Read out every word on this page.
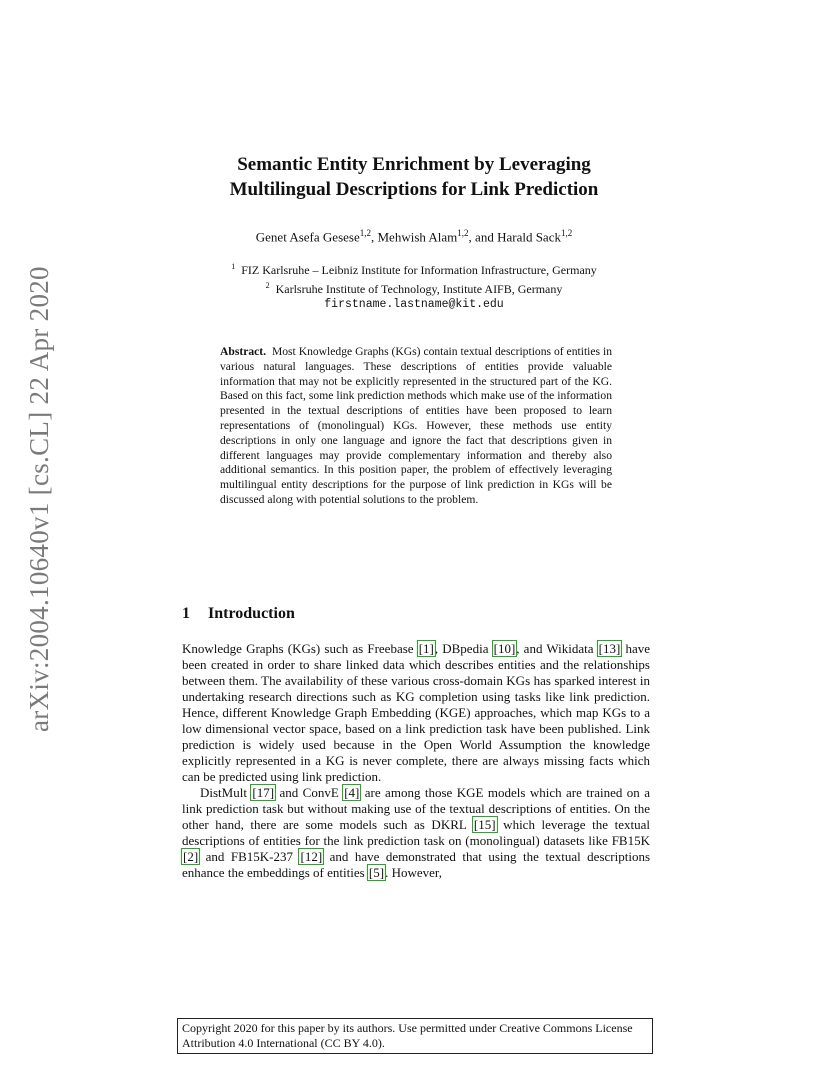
arXiv:2004.10640v1 [cs.CL] 22 Apr 2020
Semantic Entity Enrichment by Leveraging
Multilingual Descriptions for Link Prediction
Genet Asefa Gesese$^{1,2}$, Mehwish Alam$^{1,2}$, and Harald Sack$^{1,2}$
$^1$ FIZ Karlsruhe – Leibniz Institute for Information Infrastructure, Germany
$^2$ Karlsruhe Institute of Technology, Institute AIFB, Germany
firstname.lastname@kit.edu
Abstract. Most Knowledge Graphs (KGs) contain textual descriptions of entities in various natural languages. These descriptions of entities provide valuable information that may not be explicitly represented in the structured part of the KG. Based on this fact, some link prediction methods which make use of the information presented in the textual descriptions of entities have been proposed to learn representations of (monolingual) KGs. However, these methods use entity descriptions in only one language and ignore the fact that descriptions given in different languages may provide complementary information and thereby also additional semantics. In this position paper, the problem of effectively leveraging multilingual entity descriptions for the purpose of link prediction in KGs will be discussed along with potential solutions to the problem.
1 Introduction

Knowledge Graphs (KGs) such as Freebase [1], DBpedia [10], and Wikidata [13] have been created in order to share linked data which describes entities and the relationships between them. The availability of these various cross-domain KGs has sparked interest in undertaking research directions such as KG completion using tasks like link prediction. Hence, different Knowledge Graph Embedding (KGE) approaches, which map KGs to a low dimensional vector space, based on a link prediction task have been published. Link prediction is widely used because in the Open World Assumption the knowledge explicitly represented in a KG is never complete, there are always missing facts which can be predicted using link prediction.

DistMult [17] and ConvE [4] are among those KGE models which are trained on a link prediction task but without making use of the textual descriptions of entities. On the other hand, there are some models such as DKRL [15] which leverage the textual descriptions of entities for the link prediction task on (monolingual) datasets like FB15K [2] and FB15K-237 [12] and have demonstrated that using the textual descriptions enhance the embeddings of entities [5]. However,

Copyright 2020 for this paper by its authors. Use permitted under Creative Commons License Attribution 4.0 International (CC BY 4.0).
